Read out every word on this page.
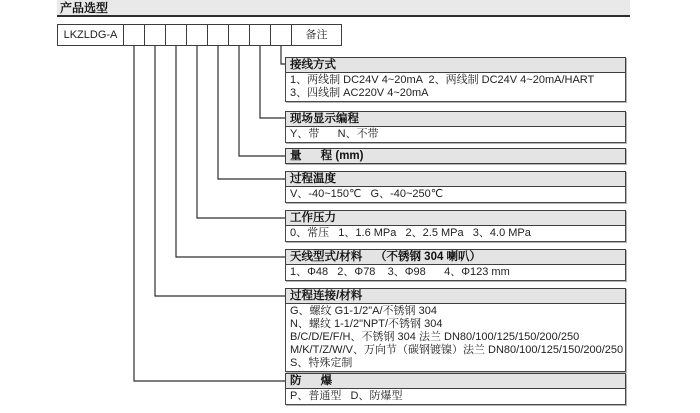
产品选型
LKZLDG-A	备注
接线方式
1、两线制 DC24V 4~20mA  2、两线制 DC24V 4~20mA/HART
3、四线制 AC220V 4~20mA
现场显示编程
Y、带      N、不带
量      程 (mm)
过程温度
V、-40~150℃   G、-40~250℃
工作压力
0、常压   1、1.6 MPa   2、2.5 MPa   3、4.0 MPa
天线型式/材料    （不锈钢 304 喇叭）
1、Φ48   2、Φ78    3、Φ98      4、Φ123 mm
过程连接/材料
G、螺纹 G1-1/2"A/不锈钢 304
N、螺纹 1-1/2"NPT/不锈钢 304
B/C/D/E/F/H、不锈钢 304 法兰 DN80/100/125/150/200/250
M/K/T/Z/W/V、万向节（碳钢镀镍）法兰 DN80/100/125/150/200/250
S、特殊定制
防      爆
P、普通型   D、防爆型
